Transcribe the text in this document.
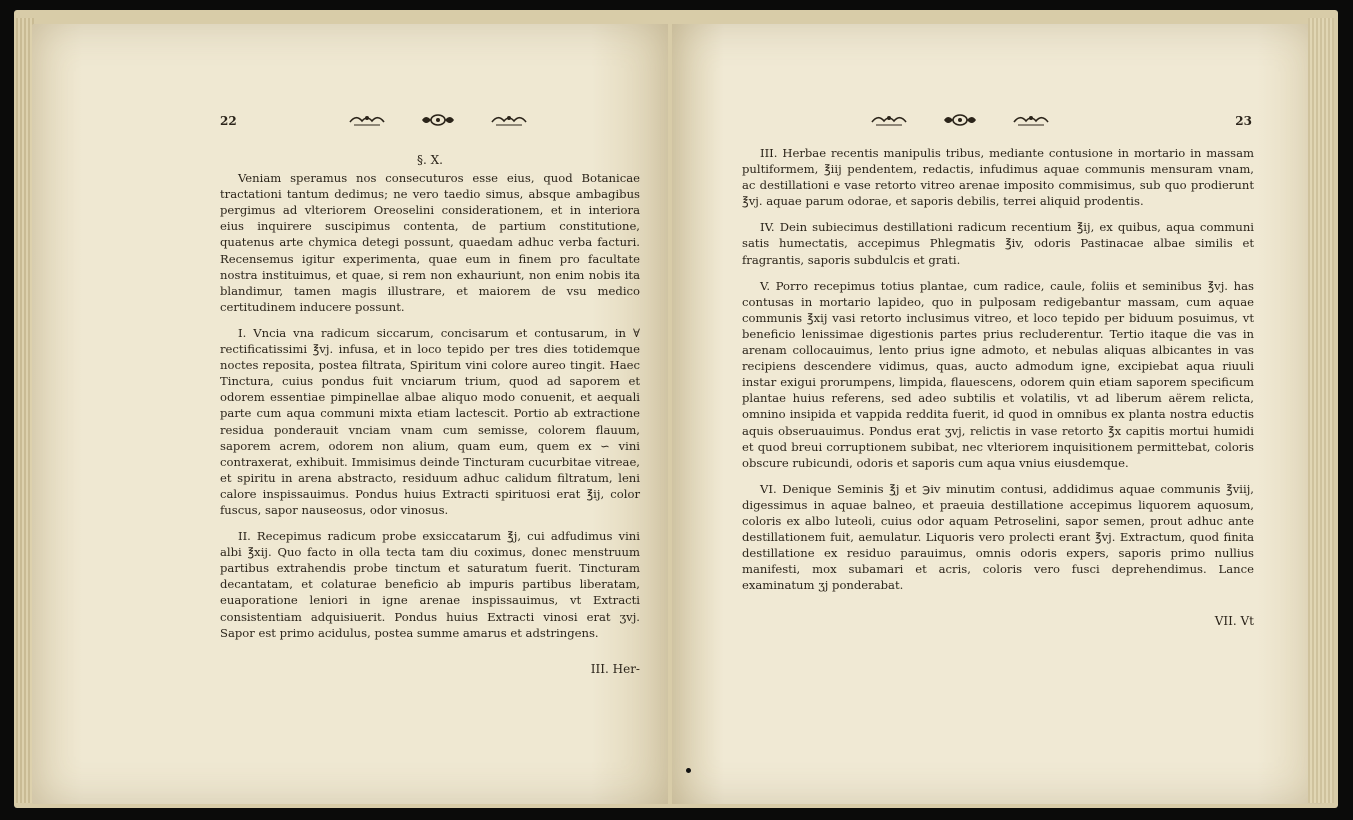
22
§. X.

Veniam speramus nos consecuturos esse eius, quod Botanicae tractationi tantum dedimus; ne vero taedio simus, absque ambagibus pergimus ad vlteriorem Oreoselini considerationem, et in interiora eius inquirere suscipimus contenta, de partium constitutione, quatenus arte chymica detegi possunt, quaedam adhuc verba facturi. Recensemus igitur experimenta, quae eum in finem pro facultate nostra instituimus, et quae, si rem non exhauriunt, non enim nobis ita blandimur, tamen magis illustrare, et maiorem de vsu medico certitudinem inducere possunt.

I. Vncia vna radicum siccarum, concisarum et contusarum, in ∀ rectificatissimi ℥vj. infusa, et in loco tepido per tres dies totidemque noctes reposita, postea filtrata, Spiritum vini colore aureo tingit. Haec Tinctura, cuius pondus fuit vnciarum trium, quod ad saporem et odorem essentiae pimpinellae albae aliquo modo conuenit, et aequali parte cum aqua communi mixta etiam lactescit. Portio ab extractione residua ponderauit vnciam vnam cum semisse, colorem flauum, saporem acrem, odorem non alium, quam eum, quem ex ∽ vini contraxerat, exhibuit. Immisimus deinde Tincturam cucurbitae vitreae, et spiritu in arena abstracto, residuum adhuc calidum filtratum, leni calore inspissauimus. Pondus huius Extracti spirituosi erat ℥ij, color fuscus, sapor nauseosus, odor vinosus.

II. Recepimus radicum probe exsiccatarum ℥j, cui adfudimus vini albi ℥xij. Quo facto in olla tecta tam diu coximus, donec menstruum partibus extrahendis probe tinctum et saturatum fuerit. Tincturam decantatam, et colaturae beneficio ab impuris partibus liberatam, euaporatione leniori in igne arenae inspissauimus, vt Extracti consistentiam adquisiuerit. Pondus huius Extracti vinosi erat ʒvj. Sapor est primo acidulus, postea summe amarus et adstringens.

III. Her-
23

III. Herbae recentis manipulis tribus, mediante contusione in mortario in massam pultiformem, ℥iij pendentem, redactis, infudimus aquae communis mensuram vnam, ac destillationi e vase retorto vitreo arenae imposito commisimus, sub quo prodierunt ℥vj. aquae parum odorae, et saporis debilis, terrei aliquid prodentis.

IV. Dein subiecimus destillationi radicum recentium ℥ij, ex quibus, aqua communi satis humectatis, accepimus Phlegmatis ℥iv, odoris Pastinacae albae similis et fragrantis, saporis subdulcis et grati.

V. Porro recepimus totius plantae, cum radice, caule, foliis et seminibus ℥vj. has contusas in mortario lapideo, quo in pulposam redigebantur massam, cum aquae communis ℥xij vasi retorto inclusimus vitreo, et loco tepido per biduum posuimus, vt beneficio lenissimae digestionis partes prius recluderentur. Tertio itaque die vas in arenam collocauimus, lento prius igne admoto, et nebulas aliquas albicantes in vas recipiens descendere vidimus, quas, aucto admodum igne, excipiebat aqua riuuli instar exigui prorumpens, limpida, flauescens, odorem quin etiam saporem specificum plantae huius referens, sed adeo subtilis et volatilis, vt ad liberum aërem relicta, omnino insipida et vappida reddita fuerit, id quod in omnibus ex planta nostra eductis aquis obseruauimus. Pondus erat ʒvj, relictis in vase retorto ℥x capitis mortui humidi et quod breui corruptionem subibat, nec vlteriorem inquisitionem permittebat, coloris obscure rubicundi, odoris et saporis cum aqua vnius eiusdemque.

VI. Denique Seminis ℥j et ℈iv minutim contusi, addidimus aquae communis ℥viij, digessimus in aquae balneo, et praeuia destillatione accepimus liquorem aquosum, coloris ex albo luteoli, cuius odor aquam Petroselini, sapor semen, prout adhuc ante destillationem fuit, aemulatur. Liquoris vero prolecti erant ℥vj. Extractum, quod finita destillatione ex residuo parauimus, omnis odoris expers, saporis primo nullius manifesti, mox subamari et acris, coloris vero fusci deprehendimus. Lance examinatum ʒj ponderabat.

VII. Vt
